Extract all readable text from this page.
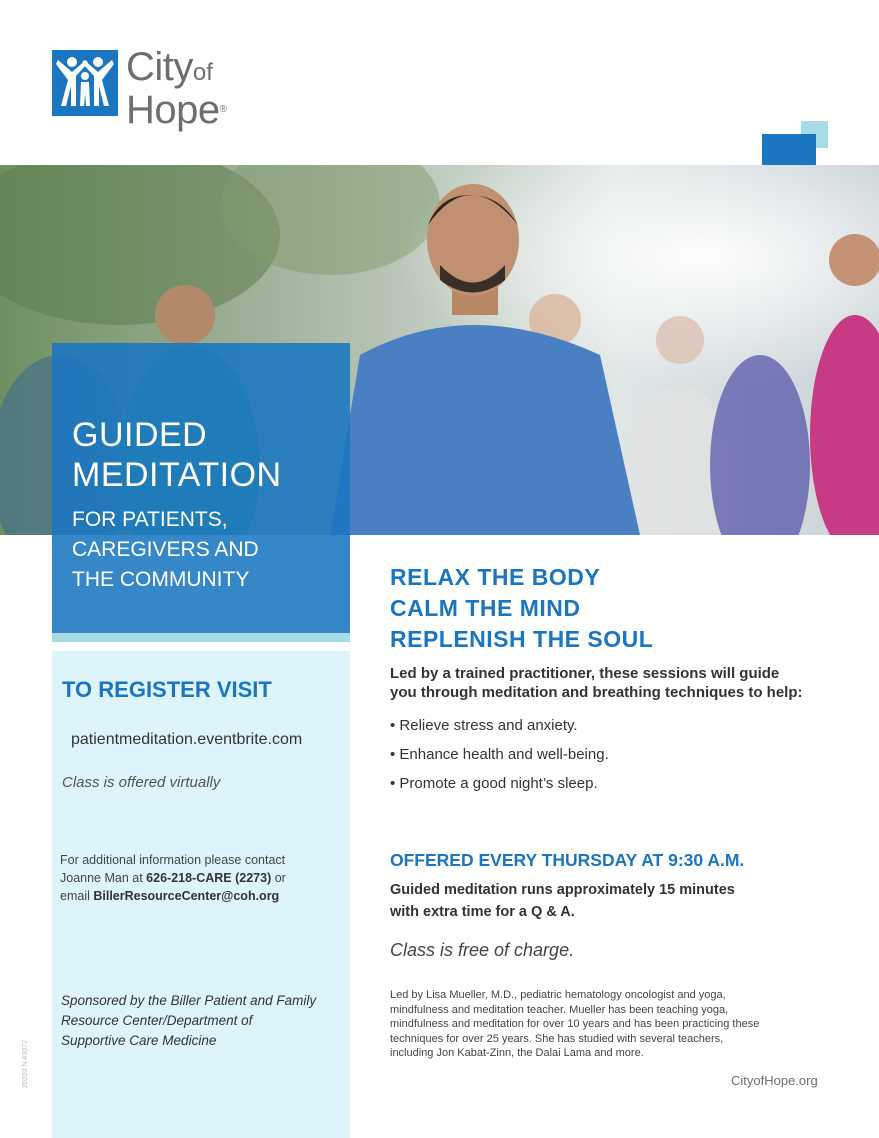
Cityof
Hope®
GUIDED
MEDITATION
FOR PATIENTS,
CAREGIVERS AND
THE COMMUNITY
TO REGISTER VISIT
patientmeditation.eventbrite.com
Class is offered virtually
For additional information please contact
Joanne Man at 626-218-CARE (2273) or
email BillerResourceCenter@coh.org
Sponsored by the Biller Patient and Family
Resource Center/Department of
Supportive Care Medicine
RELAX THE BODY
CALM THE MIND
REPLENISH THE SOUL
Led by a trained practitioner, these sessions will guide
you through meditation and breathing techniques to help:
• Relieve stress and anxiety.
• Enhance health and well-being.
• Promote a good night’s sleep.
OFFERED EVERY THURSDAY AT 9:30 A.M.
Guided meditation runs approximately 15 minutes
with extra time for a Q & A.
Class is free of charge.
Led by Lisa Mueller, M.D., pediatric hematology oncologist and yoga,
mindfulness and meditation teacher. Mueller has been teaching yoga,
mindfulness and meditation for over 10 years and has been practicing these
techniques for over 25 years. She has studied with several teachers,
including Jon Kabat-Zinn, the Dalai Lama and more.
CityofHope.org
20203 N 43072
